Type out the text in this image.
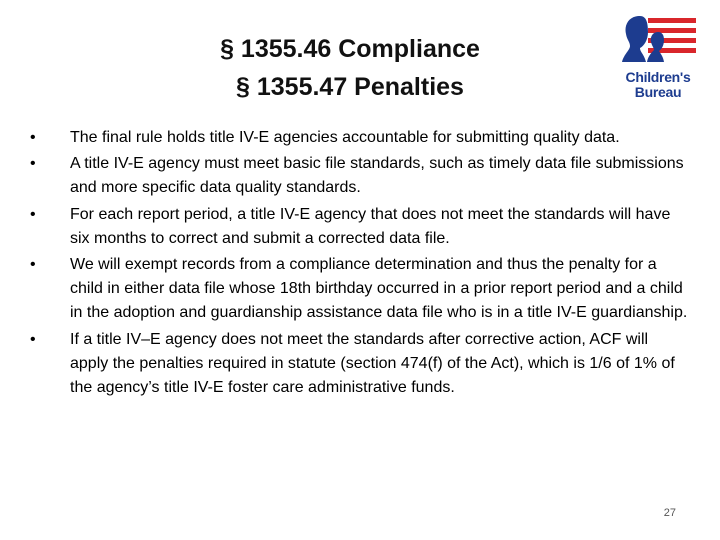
§ 1355.46 Compliance
§ 1355.47 Penalties	Children's
Bureau
•	The final rule holds title IV-E agencies accountable for submitting quality data.
•	A title IV-E agency must meet basic file standards, such as timely data file submissions and more specific data quality standards.
•	For each report period, a title IV-E agency that does not meet the standards will have six months to correct and submit a corrected data file.
•	We will exempt records from a compliance determination and thus the penalty for a child in either data file whose 18th birthday occurred in a prior report period and a child in the adoption and guardianship assistance data file who is in a title IV-E guardianship.
•	If a title IV–E agency does not meet the standards after corrective action, ACF will apply the penalties required in statute (section 474(f) of the Act), which is 1/6 of 1% of the agency’s title IV-E foster care administrative funds.
27
